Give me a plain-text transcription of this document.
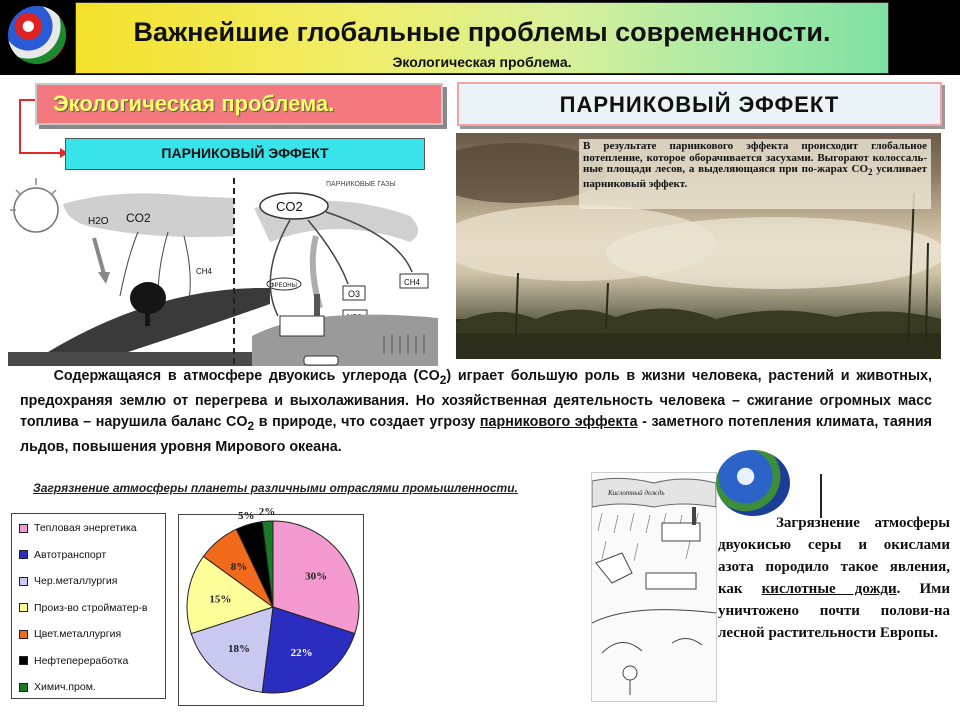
Важнейшие глобальные проблемы современности.
Экологическая проблема.
Экологическая проблема.
ПАРНИКОВЫЙ ЭФФЕКТ
ПАРНИКОВЫЙ ЭФФЕКТ
H2O CO2
CH4
ПАРНИКОВЫЕ ГАЗЫ
CO2
ФРЕОНЫ
O3
CH4
В результате парникового эффекта происходит глобальное потепление, которое оборачивается засухами. Выгорают колоссаль-ные площади лесов, а выделяющаяся при по-жарах $CO_2$ усиливает парниковый эффект.
Содержащаяся в атмосфере двуокись углерода $(CO_2)$ играет большую роль в жизни человека, растений и животных, предохраняя землю от перегрева и выхолаживания. Но хозяйственная деятельность человека – сжигание огромных масс топлива – нарушила баланс $CO_2$ в природе, что создает угрозу парникового эффекта - заметного потепления климата, таяния льдов, повышения уровня Мирового океана.
Загрязнение атмосферы планеты различными отраслями промышленности.
Тепловая энергетика
Автотранспорт
Чер.металлургия
Произ-во стройматер-в
Цвет.металлургия
Нефтепереработка
Химич.пром.
30%
22%
18%
15%
8%
5% 2%
Кислотный дождь
Загрязнение атмосферы двуокисью серы и окислами азота породило такое явления, как кислотные дожди. Ими уничтожено почти полови-на лесной растительности Европы.
